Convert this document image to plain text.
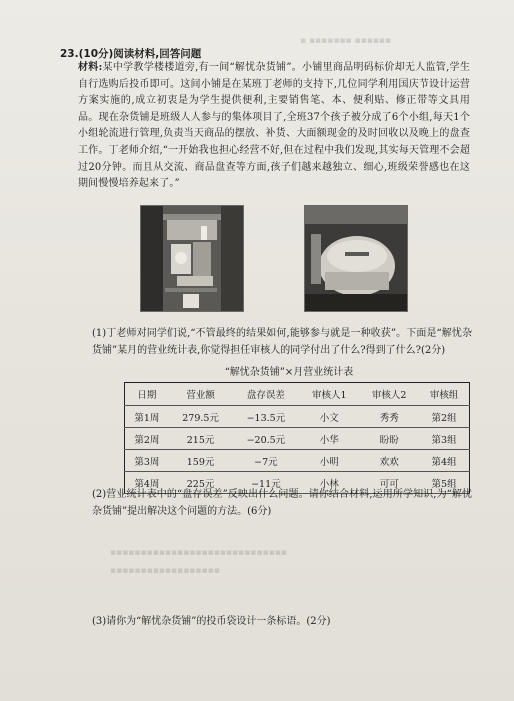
▪ ▪▪▪▪▪▪▪ ▪▪▪▪▪▪
23.(10分)阅读材料,回答问题
材料:某中学教学楼楼道旁,有一间“解忧杂货铺”。小铺里商品明码标价却无人监管,学生自行选购后投币即可。这间小铺是在某班丁老师的支持下,几位同学利用国庆节设计运营方案实施的,成立初衷是为学生提供便利,主要销售笔、本、便利贴、修正带等文具用品。现在杂货铺是班级人人参与的集体项目了,全班37个孩子被分成了6个小组,每天1个小组轮流进行管理,负责当天商品的摆放、补货、大面额现金的及时回收以及晚上的盘查工作。丁老师介绍,“一开始我也担心经营不好,但在过程中我们发现,其实每天管理不会超过20分钟。而且从交流、商品盘查等方面,孩子们越来越独立、细心,班级荣誉感也在这期间慢慢培养起来了。”
(1)丁老师对同学们说,“不管最终的结果如何,能够参与就是一种收获”。下面是“解忧杂货铺”某月的营业统计表,你觉得担任审核人的同学付出了什么?得到了什么?(2分)
“解忧杂货铺”×月营业统计表
日期	营业额	盘存误差	审核人1	审核人2	审核组
第1周	279.5元	−13.5元	小文	秀秀	第2组
第2周	215元	−20.5元	小华	盼盼	第3组
第3周	159元	−7元	小明	欢欢	第4组
第4周	225元	−11元	小林	可可	第5组
(2)营业统计表中的“盘存误差”反映出什么问题。请你结合材料,运用所学知识,为“解忧杂货铺”提出解决这个问题的方法。(6分)
▪▪▪▪▪▪▪▪▪▪▪▪▪▪▪▪▪▪▪▪▪▪▪▪▪▪▪▪▪
▪▪▪▪▪▪▪▪▪▪▪▪▪▪▪▪▪▪
(3)请你为“解忧杂货铺”的投币袋设计一条标语。(2分)
